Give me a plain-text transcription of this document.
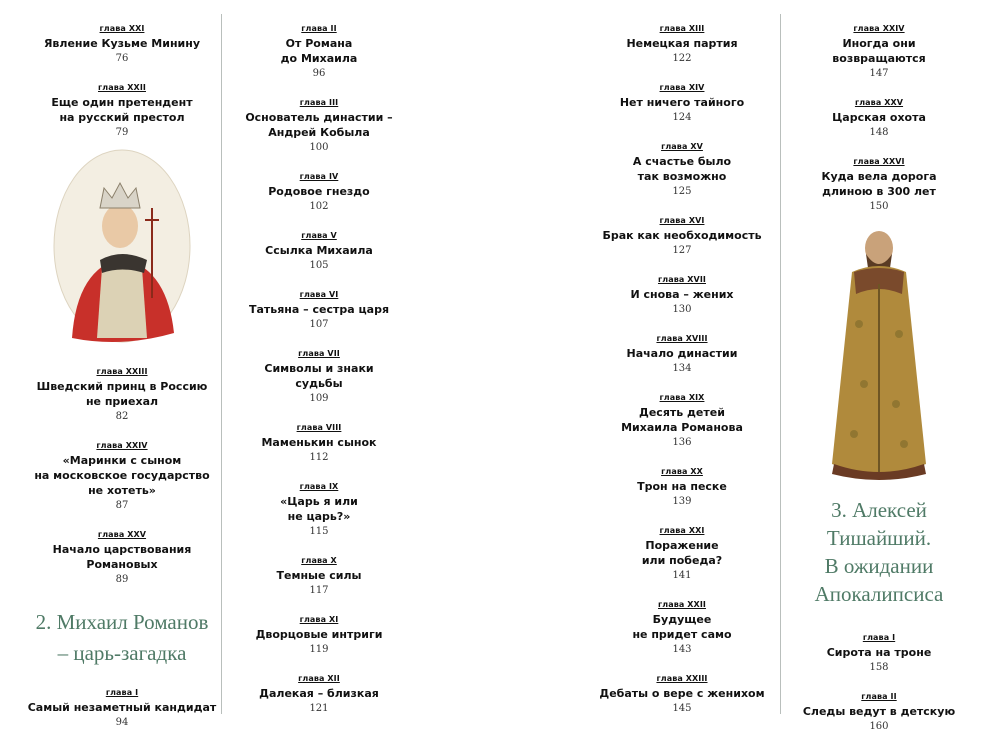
глава XXI
Явление Кузьме Минину
76
глава XXII
Еще один претендент
на русский престол
79
глава XXIII
Шведский принц в Россию
не приехал
82
глава XXIV
«Маринки с сыном
на московское государство
не хотеть»
87
глава XXV
Начало царствования
Романовых
89
2. Михаил Романов
– царь-загадка
глава I
Самый незаметный кандидат
94
глава II
От Романа
до Михаила
96
глава III
Основатель династии –
Андрей Кобыла
100
глава IV
Родовое гнездо
102
глава V
Ссылка Михаила
105
глава VI
Татьяна – сестра царя
107
глава VII
Символы и знаки
судьбы
109
глава VIII
Маменькин сынок
112
глава IX
«Царь я или
не царь?»
115
глава X
Темные силы
117
глава XI
Дворцовые интриги
119
глава XII
Далекая – близкая
121
глава XIII
Немецкая партия
122
глава XIV
Нет ничего тайного
124
глава XV
А счастье было
так возможно
125
глава XVI
Брак как необходимость
127
глава XVII
И снова – жених
130
глава XVIII
Начало династии
134
глава XIX
Десять детей
Михаила Романова
136
глава XX
Трон на песке
139
глава XXI
Поражение
или победа?
141
глава XXII
Будущее
не придет само
143
глава XXIII
Дебаты о вере с женихом
145
глава XXIV
Иногда они
возвращаются
147
глава XXV
Царская охота
148
глава XXVI
Куда вела дорога
длиною в 300 лет
150
3. Алексей
Тишайший.
В ожидании
Апокалипсиса
глава I
Сирота на троне
158
глава II
Следы ведут в детскую
160
